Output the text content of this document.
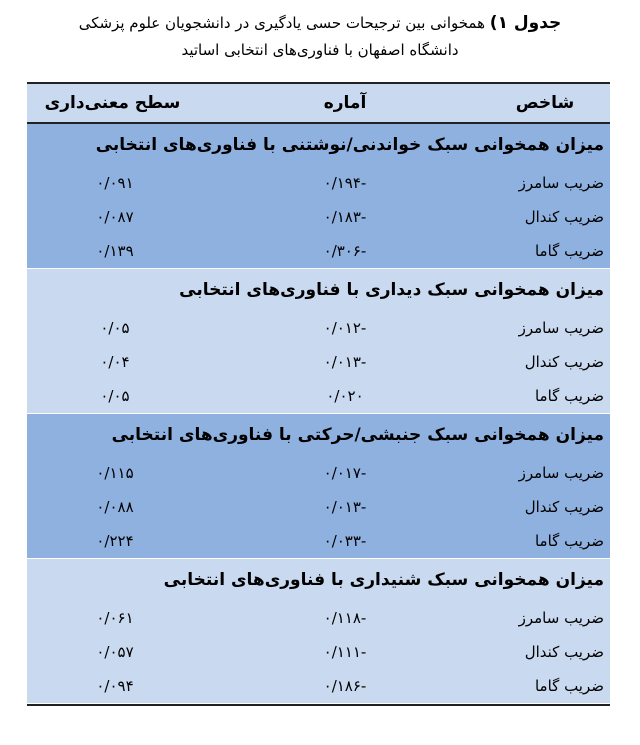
جدول ۱) همخوانی بین ترجیحات حسی یادگیری در دانشجویان علوم پزشکی
دانشگاه اصفهان با فناوری‌های انتخابی اساتید
شاخص
آماره
سطح معنی‌داری
میزان همخوانی سبک خواندنی/نوشتنی با فناوری‌های انتخابی
ضریب سامرز
-۰/۱۹۴
۰/۰۹۱
ضریب کندال
-۰/۱۸۳
۰/۰۸۷
ضریب گاما
-۰/۳۰۶
۰/۱۳۹
میزان همخوانی سبک دیداری با فناوری‌های انتخابی
ضریب سامرز
-۰/۰۱۲
۰/۰۵
ضریب کندال
-۰/۰۱۳
۰/۰۴
ضریب گاما
۰/۰۲۰
۰/۰۵
میزان همخوانی سبک جنبشی/حرکتی با فناوری‌های انتخابی
ضریب سامرز
-۰/۰۱۷
۰/۱۱۵
ضریب کندال
-۰/۰۱۳
۰/۰۸۸
ضریب گاما
-۰/۰۳۳
۰/۲۲۴
میزان همخوانی سبک شنیداری با فناوری‌های انتخابی
ضریب سامرز
-۰/۱۱۸
۰/۰۶۱
ضریب کندال
-۰/۱۱۱
۰/۰۵۷
ضریب گاما
-۰/۱۸۶
۰/۰۹۴
